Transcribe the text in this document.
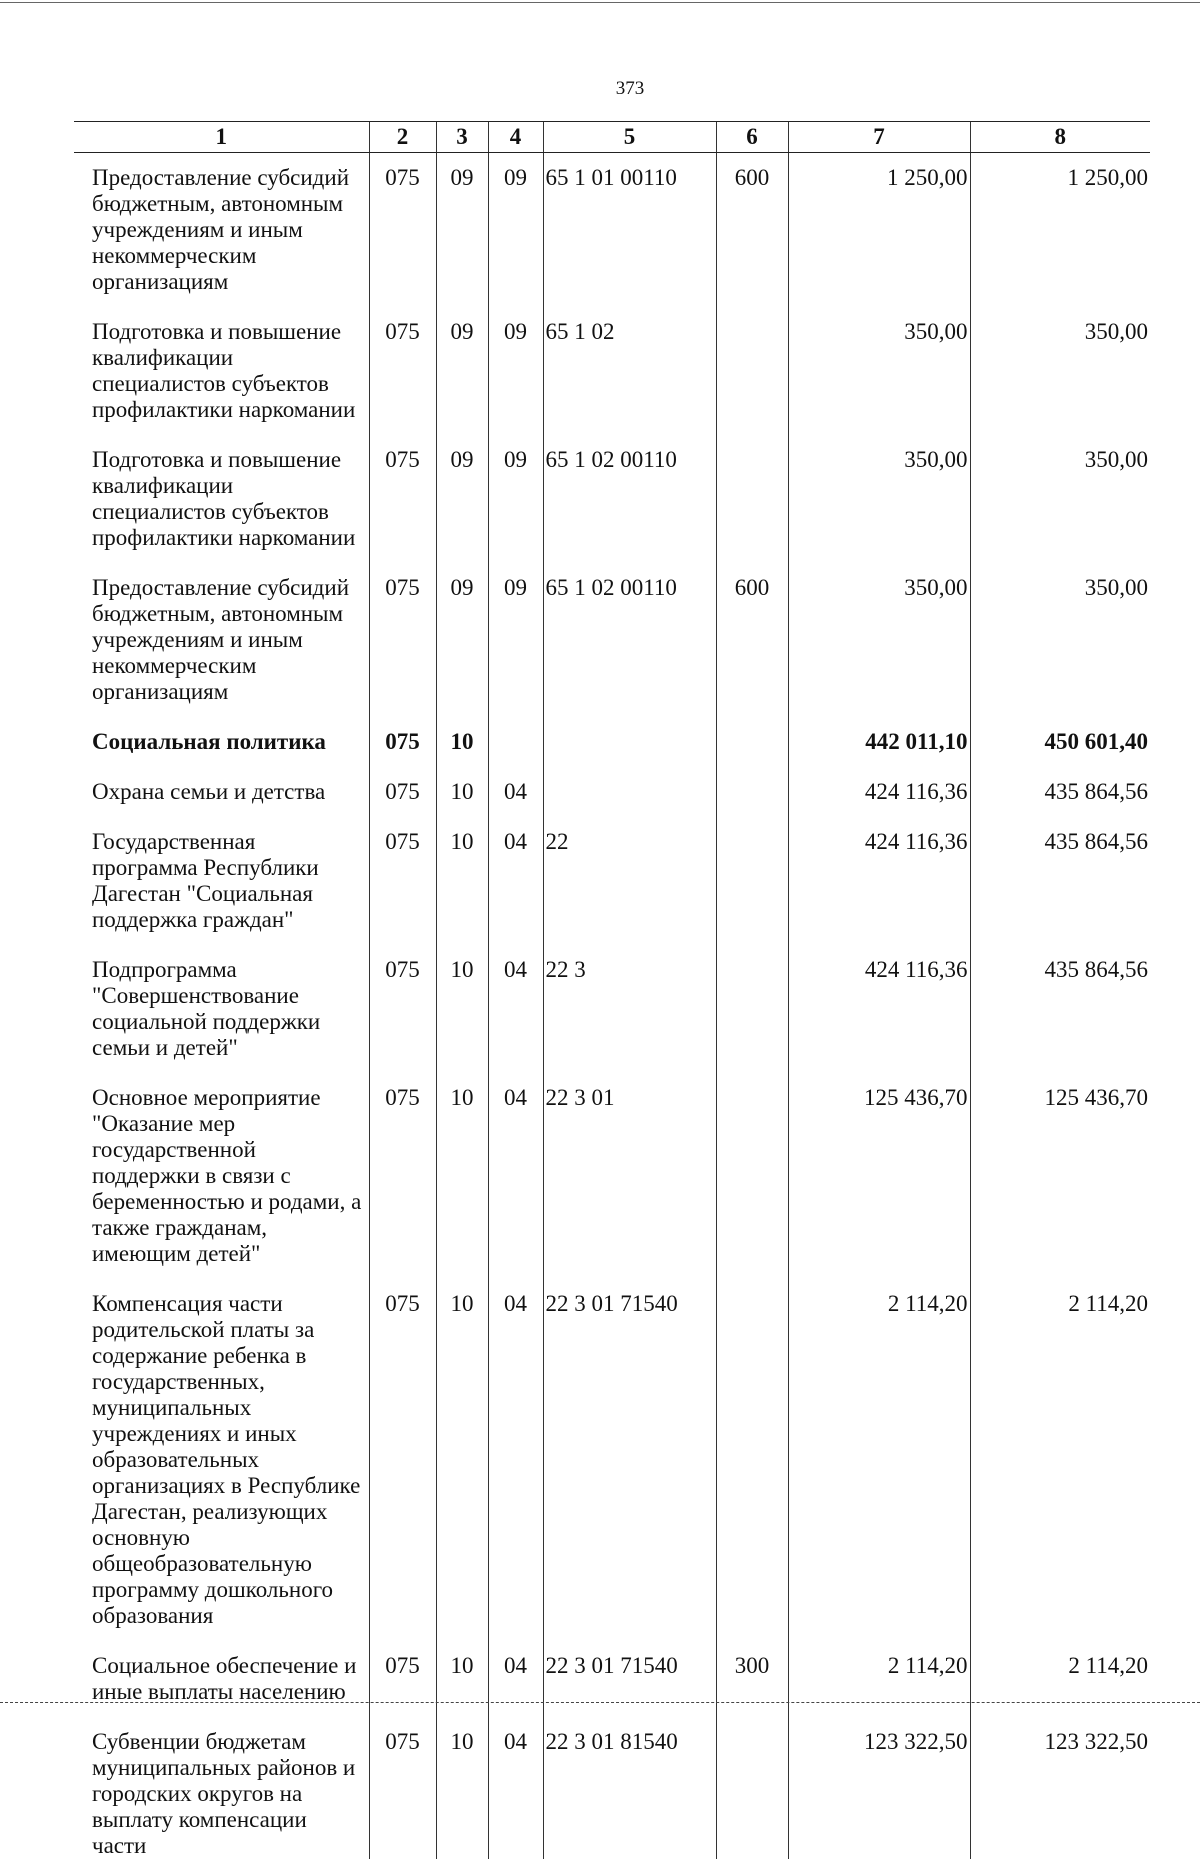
373
1	2	3	4	5	6	7	8
Предоставление субсидий бюджетным, автономным учреждениям и иным некоммерческим организациям	075	09	09	65 1 01 00110	600	1 250,00	1 250,00
Подготовка и повышение квалификации специалистов субъектов профилактики наркомании	075	09	09	65 1 02		350,00	350,00
Подготовка и повышение квалификации специалистов субъектов профилактики наркомании	075	09	09	65 1 02 00110		350,00	350,00
Предоставление субсидий бюджетным, автономным учреждениям и иным некоммерческим организациям	075	09	09	65 1 02 00110	600	350,00	350,00
Социальная политика	075	10				442 011,10	450 601,40
Охрана семьи и детства	075	10	04			424 116,36	435 864,56
Государственная программа Республики Дагестан "Социальная поддержка граждан"	075	10	04	22		424 116,36	435 864,56
Подпрограмма "Совершенствование социальной поддержки семьи и детей"	075	10	04	22 3		424 116,36	435 864,56
Основное мероприятие "Оказание мер государственной поддержки в связи с беременностью и родами, а также гражданам, имеющим детей"	075	10	04	22 3 01		125 436,70	125 436,70
Компенсация части родительской платы за содержание ребенка в государственных, муниципальных учреждениях и иных образовательных организациях в Республике Дагестан, реализующих основную общеобразовательную программу дошкольного образования	075	10	04	22 3 01 71540		2 114,20	2 114,20
Социальное обеспечение и иные выплаты населению	075	10	04	22 3 01 71540	300	2 114,20	2 114,20
Субвенции бюджетам муниципальных районов и городских округов на выплату компенсации части	075	10	04	22 3 01 81540		123 322,50	123 322,50
